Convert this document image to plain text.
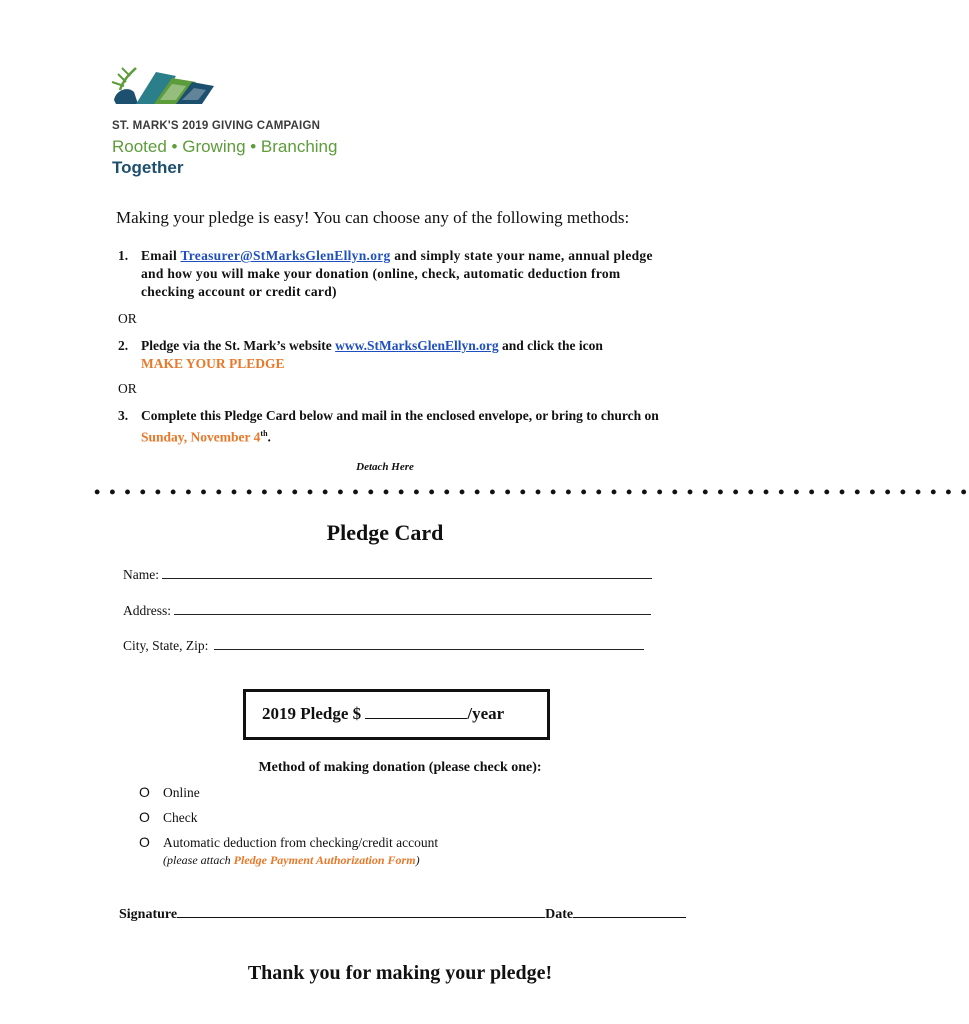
ST. MARK'S 2019 GIVING CAMPAIGN
Rooted • Growing • Branching
Together
Making your pledge is easy! You can choose any of the following methods:
1. Email Treasurer@StMarksGlenEllyn.org and simply state your name, annual pledge and how you will make your donation (online, check, automatic deduction from checking account or credit card)
OR
2. Pledge via the St. Mark’s website www.StMarksGlenEllyn.org and click the icon
MAKE YOUR PLEDGE
OR
3. Complete this Pledge Card below and mail in the enclosed envelope, or bring to church on Sunday, November 4th.
Detach Here
• • • • • • • • • • • • • • • • • • • • • • • • • • • • • • • • • • • • • • • • • • • • • • • • • • • • • • • • • •
Pledge Card
Name:
Address:
City, State, Zip:
2019 Pledge $	/year
Method of making donation (please check one):
O Online
O Check
O Automatic deduction from checking/credit account
(please attach Pledge Payment Authorization Form)
Signature	Date
Thank you for making your pledge!
